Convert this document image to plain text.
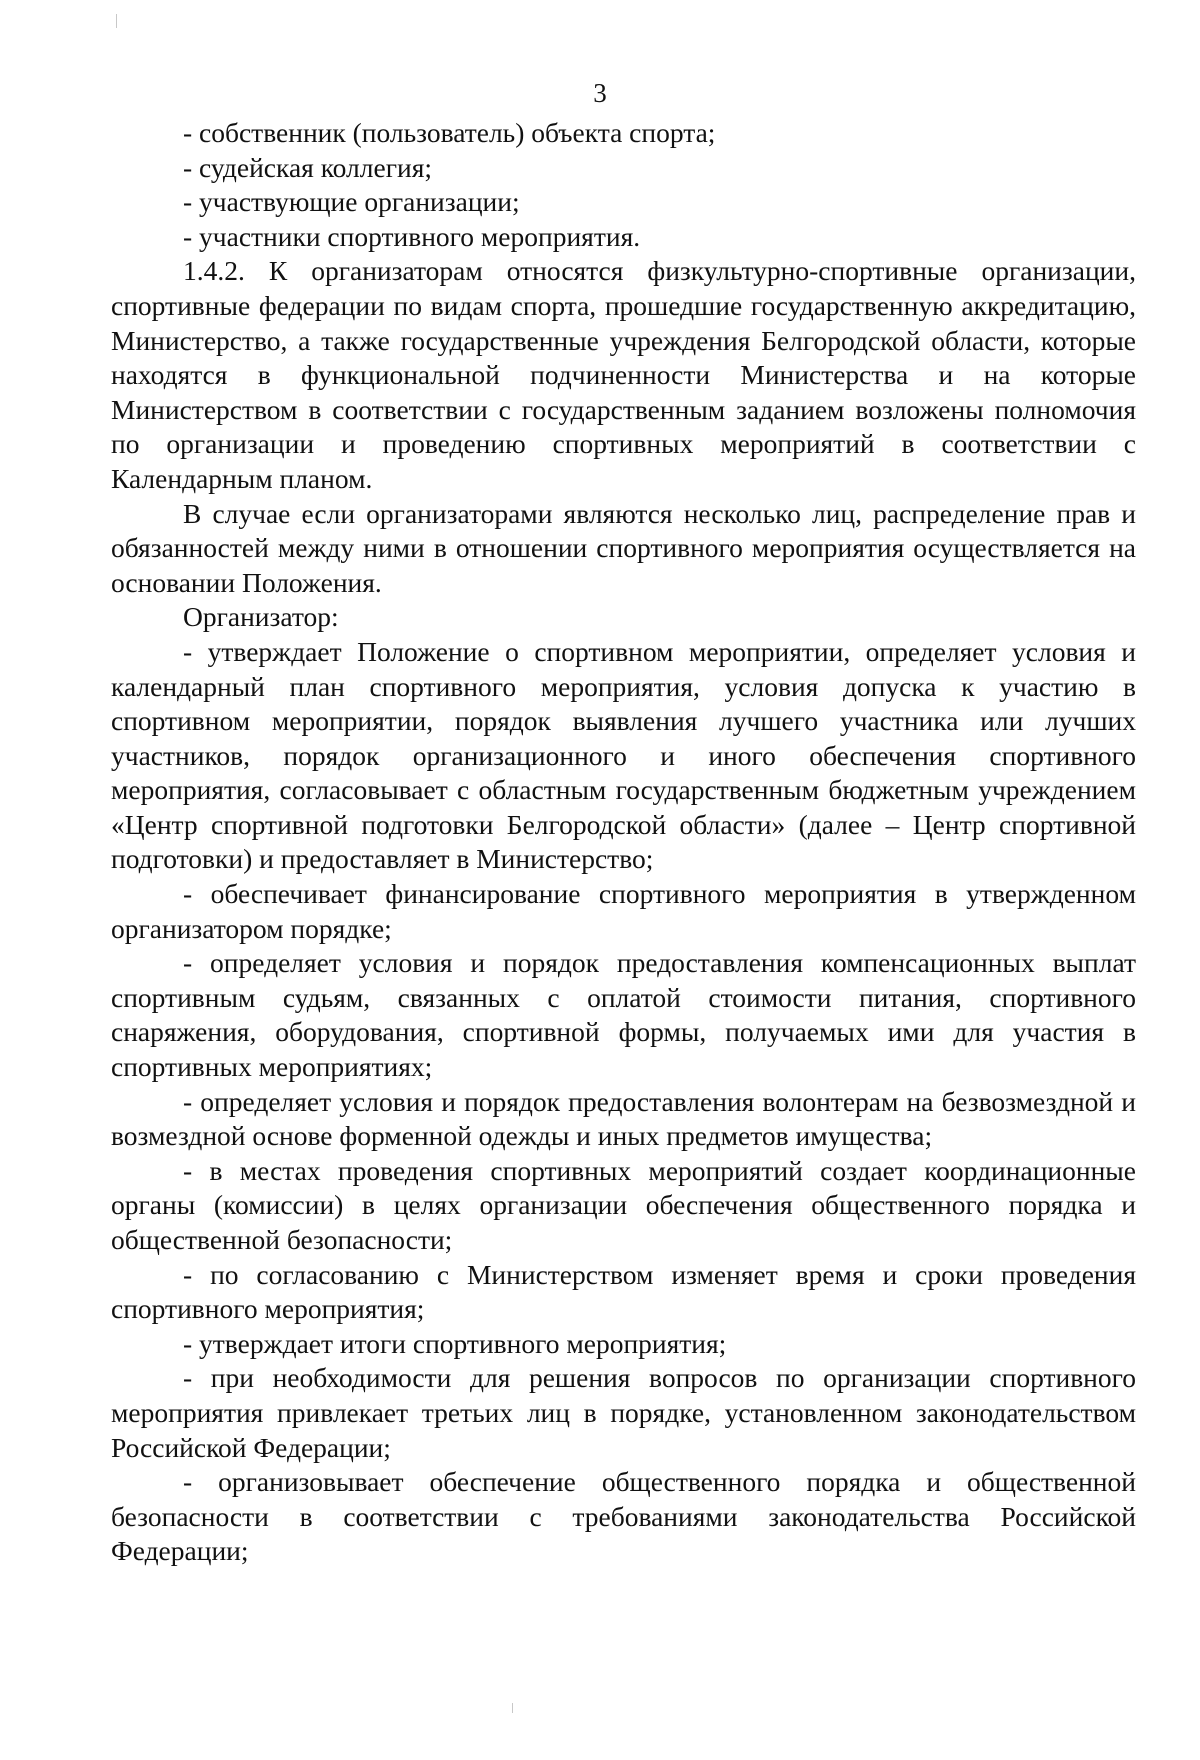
3

- собственник (пользователь) объекта спорта;

- судейская коллегия;

- участвующие организации;

- участники спортивного мероприятия.

1.4.2. К организаторам относятся физкультурно-спортивные организации, спортивные федерации по видам спорта, прошедшие государственную аккредитацию, Министерство, а также государственные учреждения Белгородской области, которые находятся в функциональной подчиненности Министерства и на которые Министерством в соответствии с государственным заданием возложены полномочия по организации и проведению спортивных мероприятий в соответствии с Календарным планом.

В случае если организаторами являются несколько лиц, распределение прав и обязанностей между ними в отношении спортивного мероприятия осуществляется на основании Положения.

Организатор:

- утверждает Положение о спортивном мероприятии, определяет условия и календарный план спортивного мероприятия, условия допуска к участию в спортивном мероприятии, порядок выявления лучшего участника или лучших участников, порядок организационного и иного обеспечения спортивного мероприятия, согласовывает с областным государственным бюджетным учреждением «Центр спортивной подготовки Белгородской области» (далее – Центр спортивной подготовки) и предоставляет в Министерство;

- обеспечивает финансирование спортивного мероприятия в утвержденном организатором порядке;

- определяет условия и порядок предоставления компенсационных выплат спортивным судьям, связанных с оплатой стоимости питания, спортивного снаряжения, оборудования, спортивной формы, получаемых ими для участия в спортивных мероприятиях;

- определяет условия и порядок предоставления волонтерам на безвозмездной и возмездной основе форменной одежды и иных предметов имущества;

- в местах проведения спортивных мероприятий создает координационные органы (комиссии) в целях организации обеспечения общественного порядка и общественной безопасности;

- по согласованию с Министерством изменяет время и сроки проведения спортивного мероприятия;

- утверждает итоги спортивного мероприятия;

- при необходимости для решения вопросов по организации спортивного мероприятия привлекает третьих лиц в порядке, установленном законодательством Российской Федерации;

- организовывает обеспечение общественного порядка и общественной безопасности в соответствии с требованиями законодательства Российской Федерации;
